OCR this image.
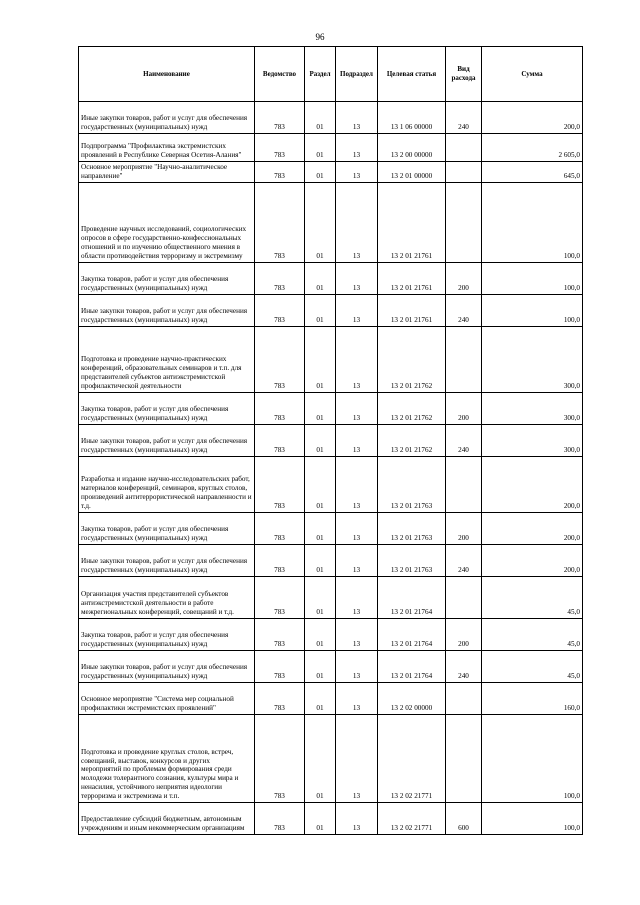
96
Наименование	Ведомство	Раздел	Подраздел	Целевая статья	Вид расхода	Сумма
Иные закупки товаров, работ и услуг для обеспечения государственных (муниципальных) нужд	783	01	13	13 1 06 00000	240	200,0
Подпрограмма "Профилактика экстремистских проявлений в Республике Северная Осетия-Алания"	783	01	13	13 2 00 00000		2 605,0
Основное мероприятие "Научно-аналитическое направление"	783	01	13	13 2 01 00000		645,0
Проведение научных исследований, социологических опросов в сфере государственно-конфессиональных отношений и по изучению общественного мнения в области противодействия терроризму и экстремизму	783	01	13	13 2 01 21761		100,0
Закупка товаров, работ и услуг для обеспечения государственных (муниципальных) нужд	783	01	13	13 2 01 21761	200	100,0
Иные закупки товаров, работ и услуг для обеспечения государственных (муниципальных) нужд	783	01	13	13 2 01 21761	240	100,0
Подготовка и проведение научно-практических конференций, образовательных семинаров и т.п. для представителей субъектов антиэкстремистской профилактической деятельности	783	01	13	13 2 01 21762		300,0
Закупка товаров, работ и услуг для обеспечения государственных (муниципальных) нужд	783	01	13	13 2 01 21762	200	300,0
Иные закупки товаров, работ и услуг для обеспечения государственных (муниципальных) нужд	783	01	13	13 2 01 21762	240	300,0
Разработка и издание научно-исследовательских работ, материалов конференций, семинаров, круглых столов, произведений антитеррористической направленности и т.д.	783	01	13	13 2 01 21763		200,0
Закупка товаров, работ и услуг для обеспечения государственных (муниципальных) нужд	783	01	13	13 2 01 21763	200	200,0
Иные закупки товаров, работ и услуг для обеспечения государственных (муниципальных) нужд	783	01	13	13 2 01 21763	240	200,0
Организация участия представителей субъектов антиэкстремистской деятельности в работе межрегиональных конференций, совещаний и т.д.	783	01	13	13 2 01 21764		45,0
Закупка товаров, работ и услуг для обеспечения государственных (муниципальных) нужд	783	01	13	13 2 01 21764	200	45,0
Иные закупки товаров, работ и услуг для обеспечения государственных (муниципальных) нужд	783	01	13	13 2 01 21764	240	45,0
Основное мероприятие "Система мер социальной профилактики экстремистских проявлений"	783	01	13	13 2 02 00000		160,0
Подготовка и проведение круглых столов, встреч, совещаний, выставок, конкурсов и других мероприятий по проблемам формирования среди молодежи толерантного сознания, культуры мира и ненасилия, устойчивого неприятия идеологии терроризма и экстремизма и т.п.	783	01	13	13 2 02 21771		100,0
Предоставление субсидий бюджетным, автономным учреждениям и иным некоммерческим организациям	783	01	13	13 2 02 21771	600	100,0
